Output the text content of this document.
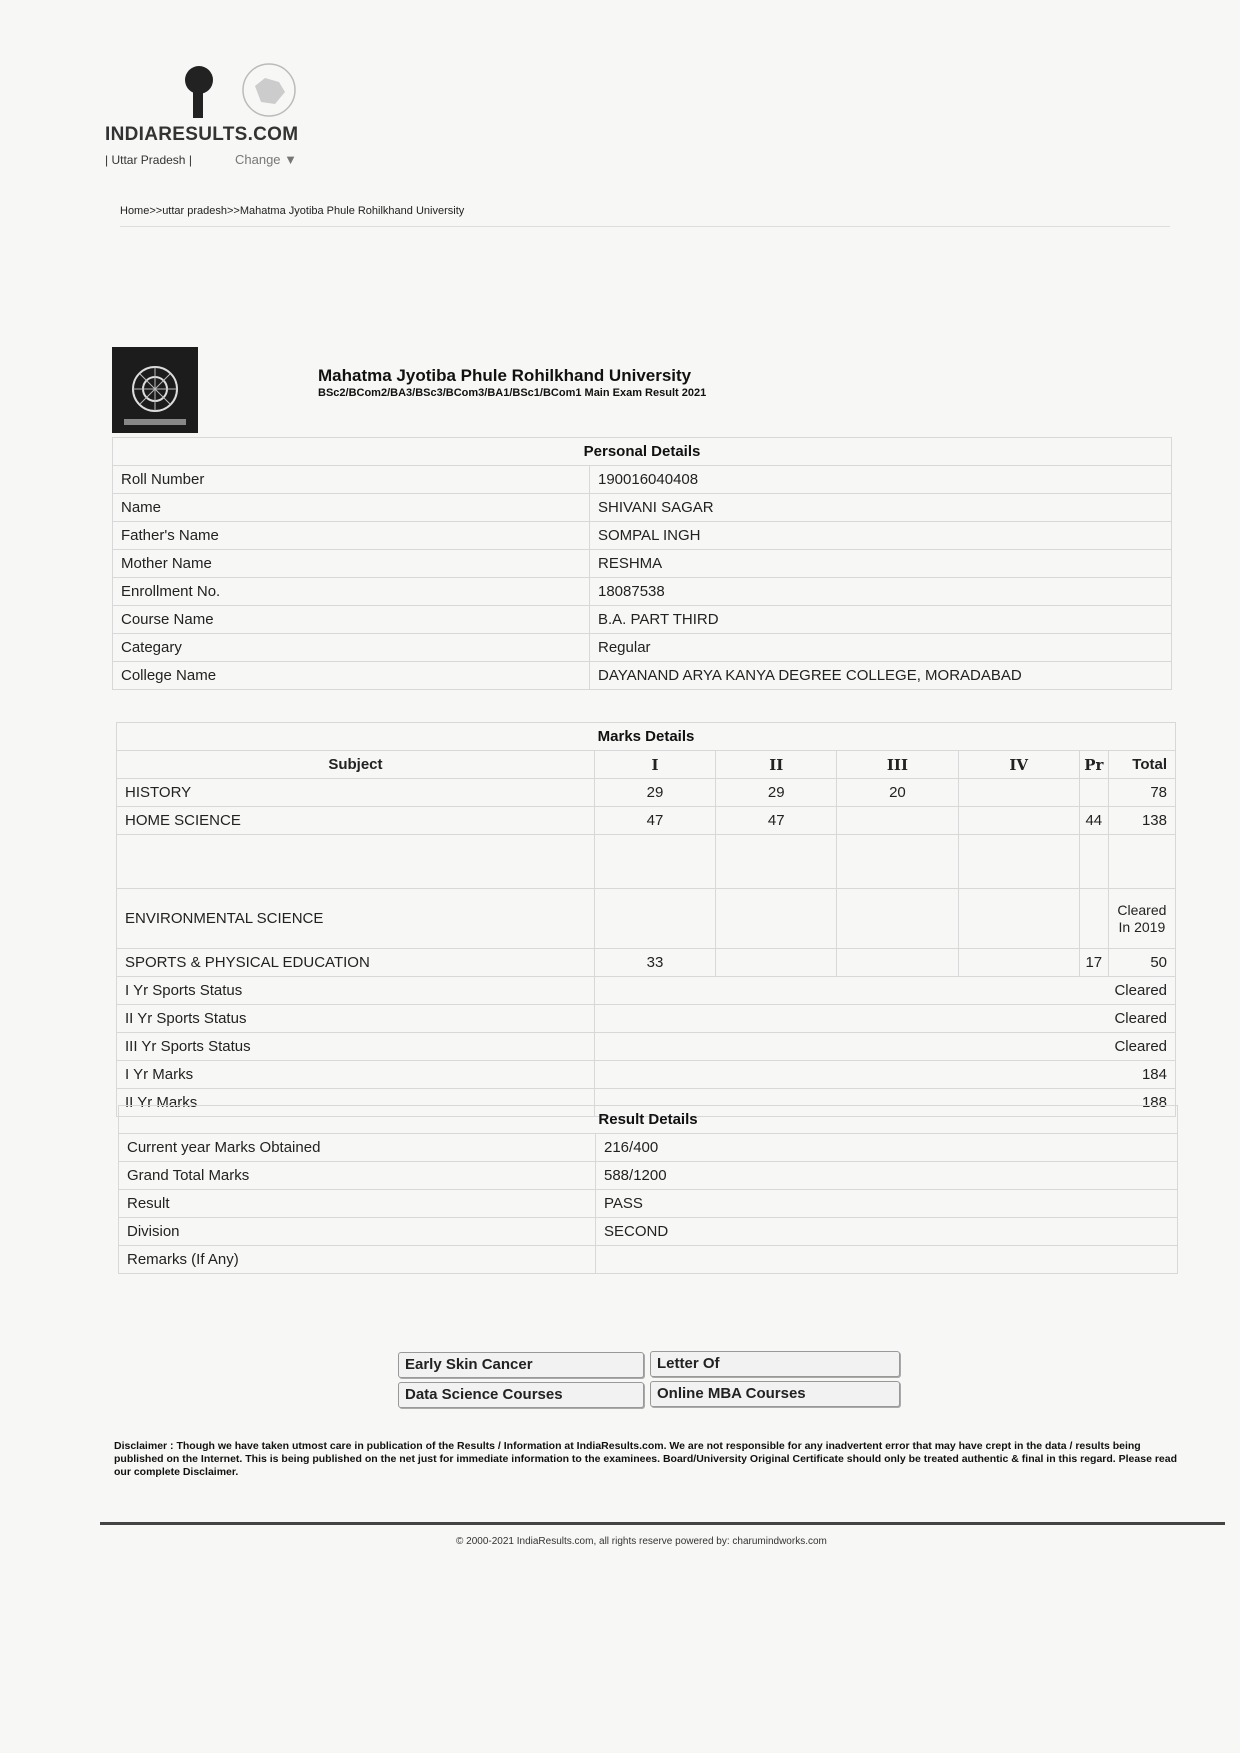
INDIARESULTS.COM
| Uttar Pradesh |	Change ▼
Home>>uttar pradesh>>Mahatma Jyotiba Phule Rohilkhand University
Mahatma Jyotiba Phule Rohilkhand University
BSc2/BCom2/BA3/BSc3/BCom3/BA1/BSc1/BCom1 Main Exam Result 2021
Personal Details	
Roll Number	190016040408
Name	SHIVANI SAGAR
Father's Name	SOMPAL INGH
Mother Name	RESHMA
Enrollment No.	18087538
Course Name	B.A. PART THIRD
Categary	Regular
College Name	DAYANAND ARYA KANYA DEGREE COLLEGE, MORADABAD
Marks Details						
Subject	I	II	III	IV	Pr	Total
HISTORY	29	29	20			78
HOME SCIENCE	47	47			44	138

ENVIRONMENTAL SCIENCE						Cleared In 2019
SPORTS & PHYSICAL EDUCATION	33				17	50
I Yr Sports Status	Cleared					
II Yr Sports Status	Cleared					
III Yr Sports Status	Cleared					
I Yr Marks	184					
II Yr Marks	188					
Result Details	
Current year Marks Obtained	216/400
Grand Total Marks	588/1200
Result	PASS
Division	SECOND
Remarks (If Any)	
Early Skin Cancer
Data Science Courses
Letter Of
Online MBA Courses
Disclaimer : Though we have taken utmost care in publication of the Results / Information at IndiaResults.com. We are not responsible for any inadvertent error that may have crept in the data / results being published on the Internet. This is being published on the net just for immediate information to the examinees. Board/University Original Certificate should only be treated authentic & final in this regard. Please read our complete Disclaimer.
© 2000-2021 IndiaResults.com, all rights reserve powered by: charumindworks.com
